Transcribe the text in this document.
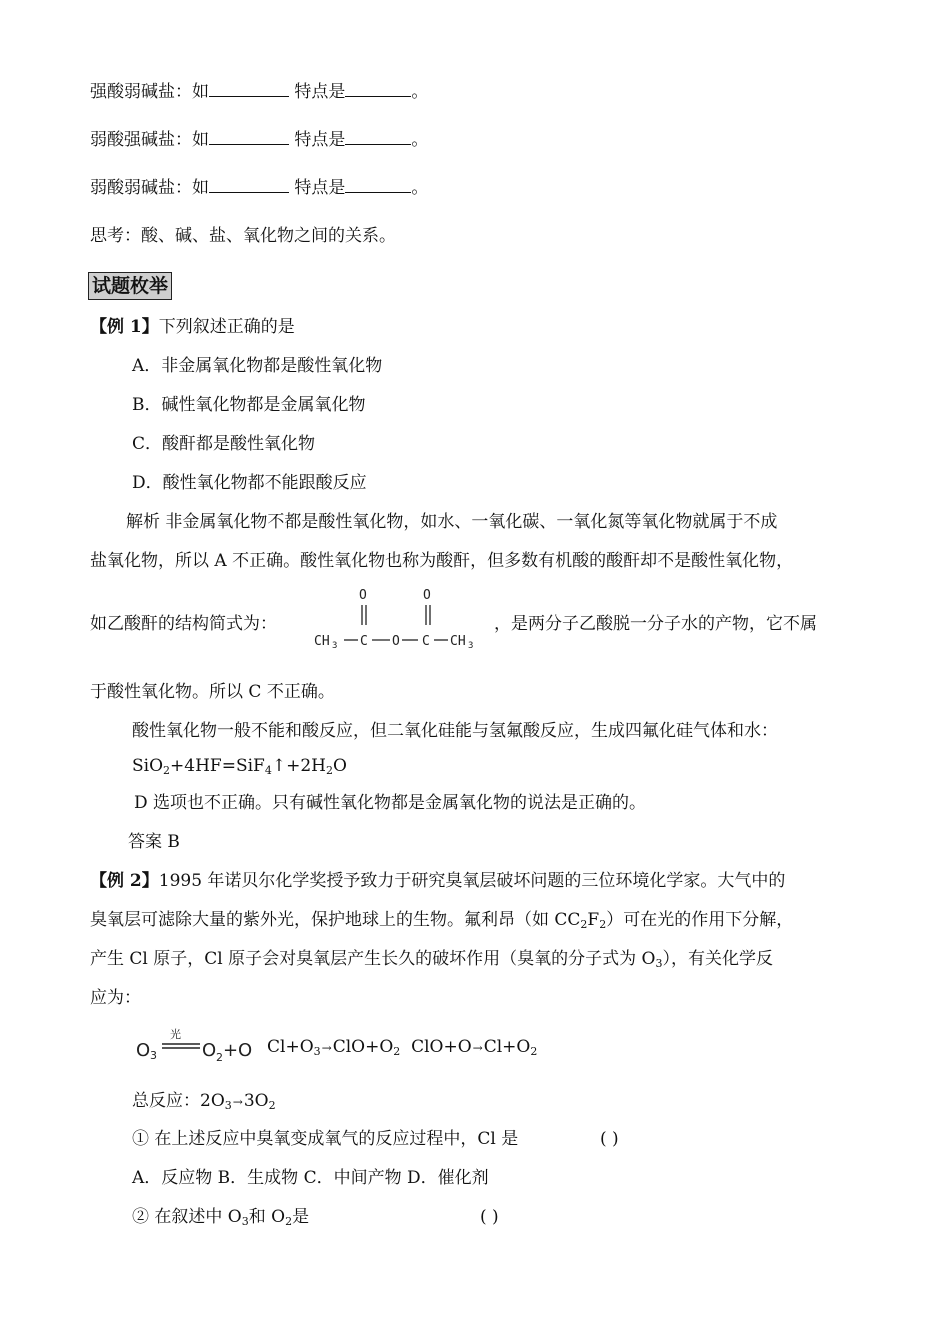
强酸弱碱盐：如	特点是	。
弱酸强碱盐：如	特点是	。
弱酸弱碱盐：如	特点是	。
思考：酸、碱、盐、氧化物之间的关系。
试题枚举
【例 1】下列叙述正确的是
A．非金属氧化物都是酸性氧化物
B．碱性氧化物都是金属氧化物
C．酸酐都是酸性氧化物
D．酸性氧化物都不能跟酸反应
解析 非金属氧化物不都是酸性氧化物，如水、一氧化碳、一氧化氮等氧化物就属于不成
盐氧化物，所以 A 不正确。酸性氧化物也称为酸酐，但多数有机酸的酸酐却不是酸性氧化物，
如乙酸酐的结构简式为：
O	O
CH 3 C O C CH 3
，是两分子乙酸脱一分子水的产物，它不属
于酸性氧化物。所以 C 不正确。
酸性氧化物一般不能和酸反应，但二氧化硅能与氢氟酸反应，生成四氟化硅气体和水：
$SiO_2+4HF=SiF_4↑+2H_2O$
D 选项也不正确。只有碱性氧化物都是金属氧化物的说法是正确的。
答案 B
【例 2】1995 年诺贝尔化学奖授予致力于研究臭氧层破坏问题的三位环境化学家。大气中的
臭氧层可滤除大量的紫外光，保护地球上的生物。氟利昂（如 $CC_2F_2$）可在光的作用下分解，
产生 Cl 原子，Cl 原子会对臭氧层产生长久的破坏作用（臭氧的分子式为 $O_3$），有关化学反
应为：
O 3
光
O 2 + O $Cl+O_3\to ClO+O_2$ $ClO+O\to Cl+O_2$
总反应：$2O_3\to 3O_2$
① 在上述反应中臭氧变成氧气的反应过程中，Cl 是	( )
A．反应物 B．生成物 C．中间产物 D．催化剂
② 在叙述中 $O_3$和 $O_2$是	( )
